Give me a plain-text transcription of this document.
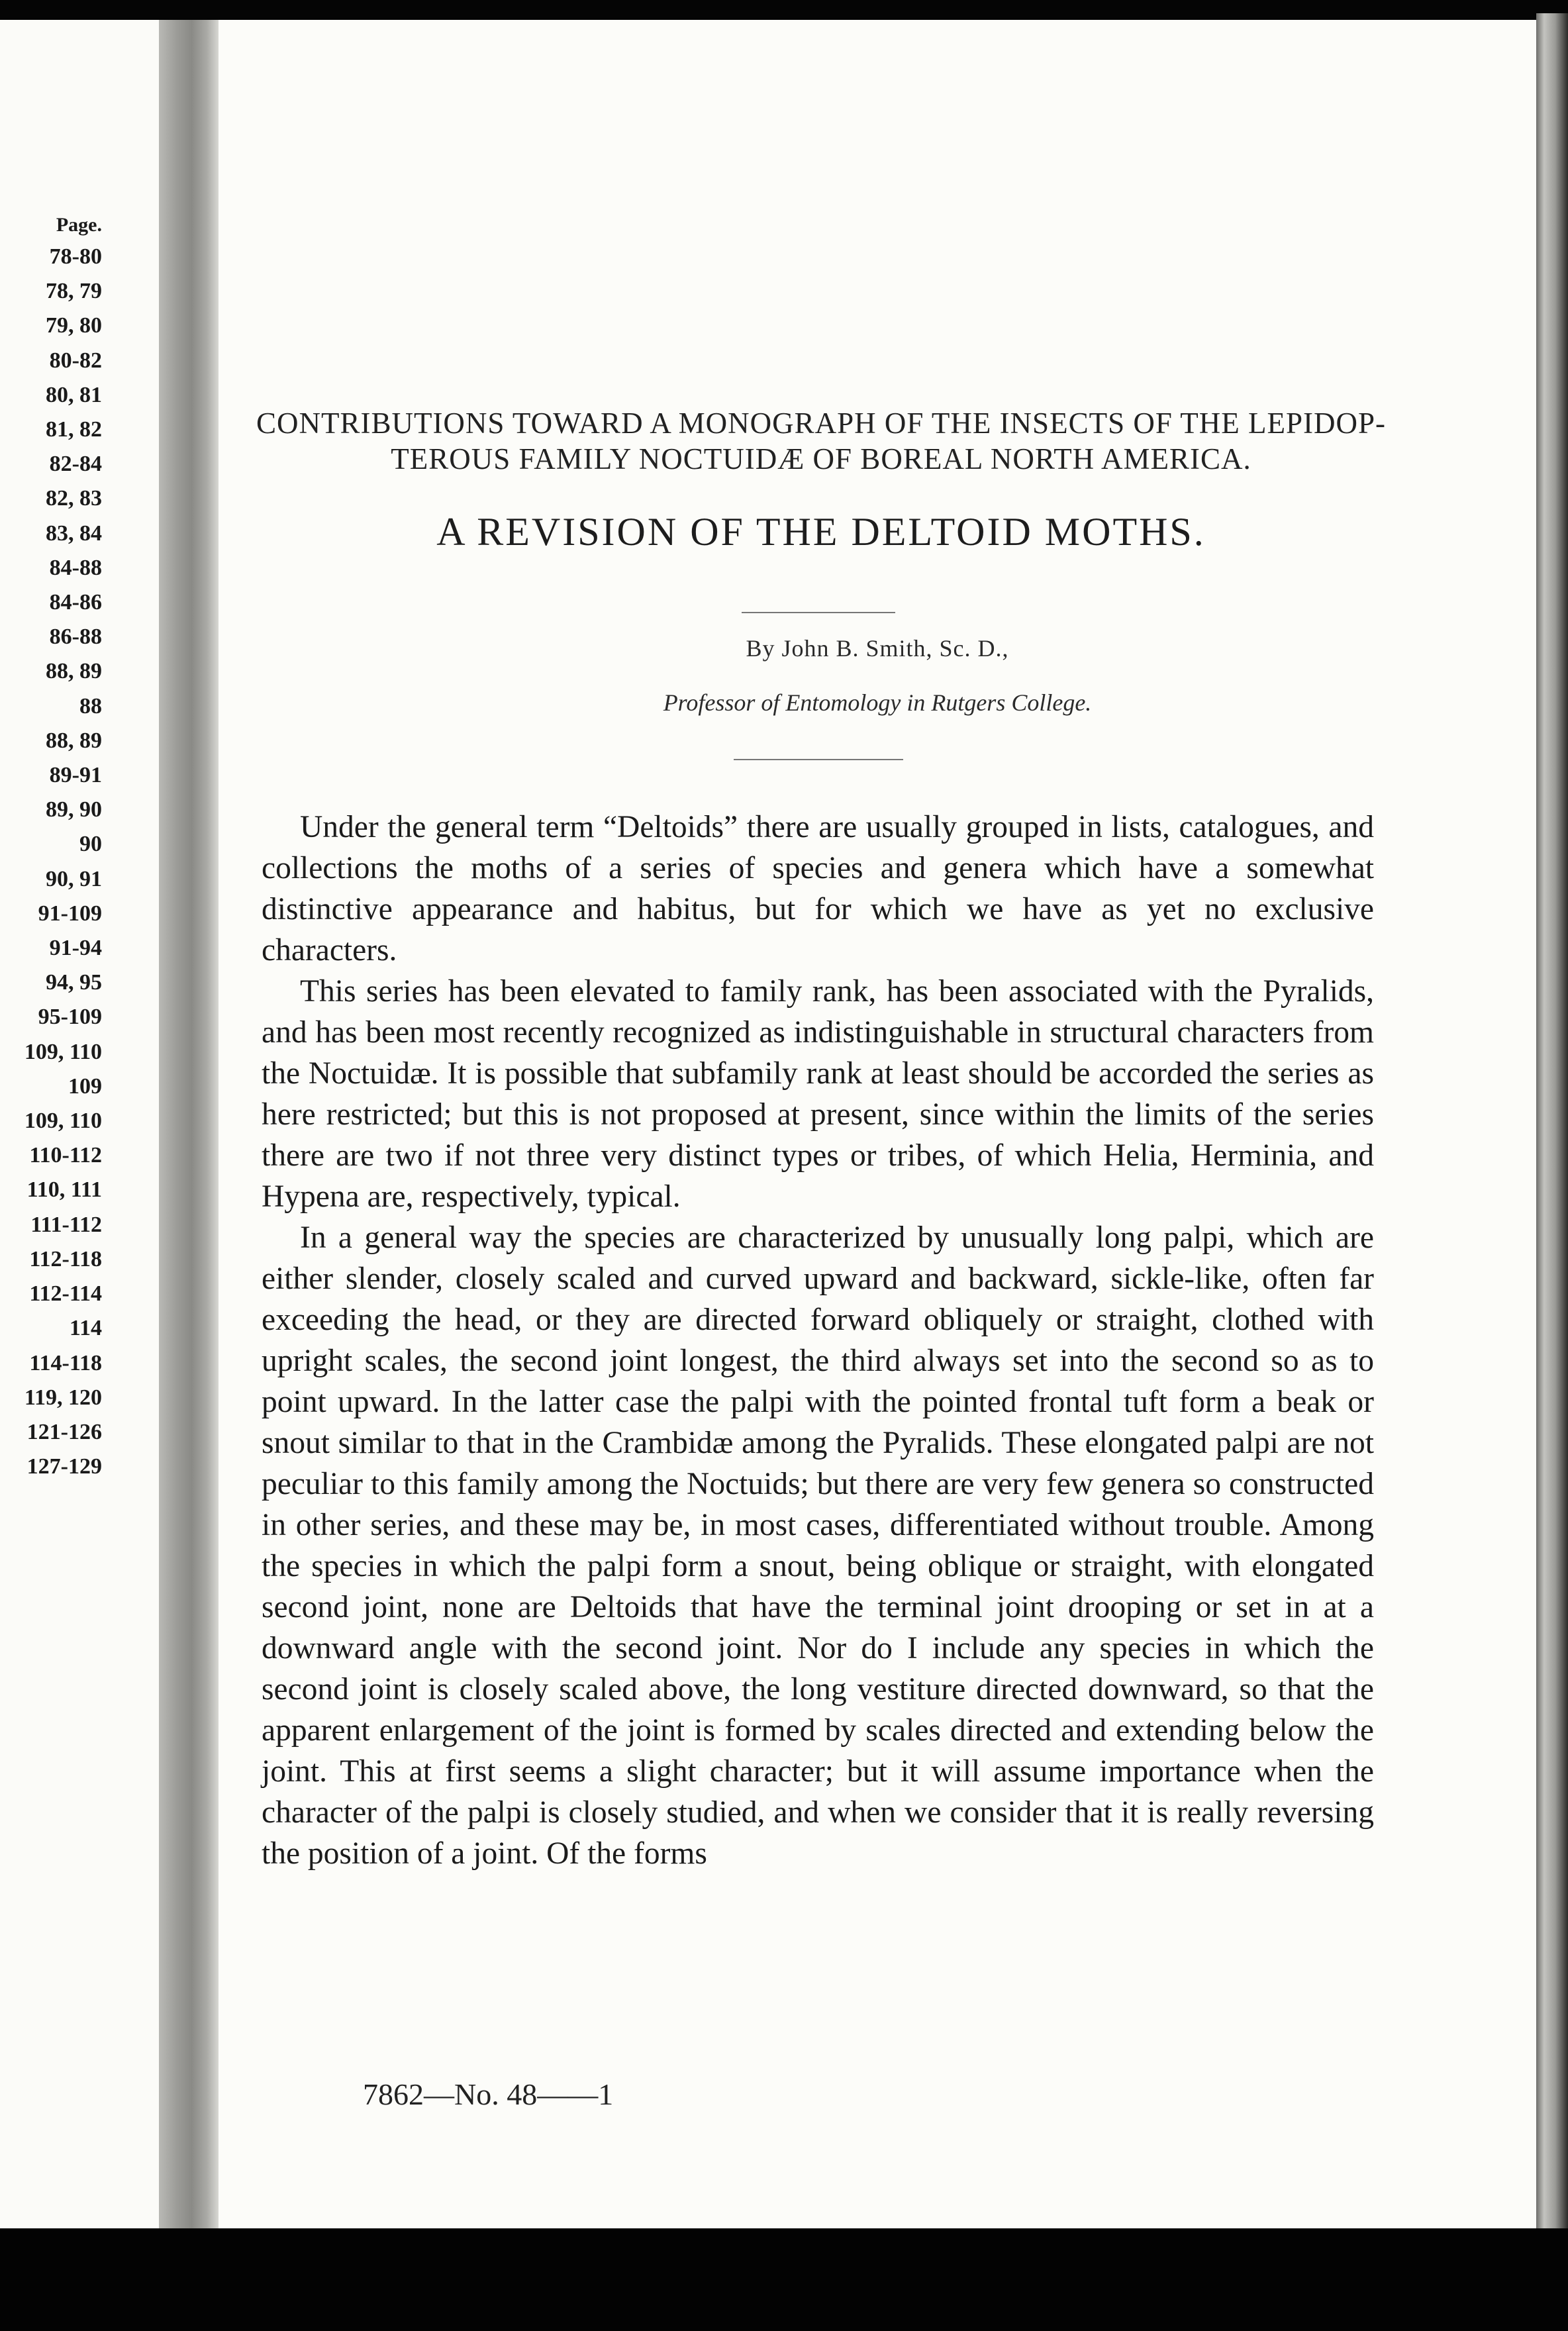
Page.
78-80
78, 79
79, 80
80-82
80, 81
81, 82
82-84
82, 83
83, 84
84-88
84-86
86-88
88, 89
88
88, 89
89-91
89, 90
90
90, 91
91-109
91-94
94, 95
95-109
109, 110
109
109, 110
110-112
110, 111
111-112
112-118
112-114
114
114-118
119, 120
121-126
127-129
CONTRIBUTIONS TOWARD A MONOGRAPH OF THE INSECTS OF THE LEPIDOP- TEROUS FAMILY NOCTUIDÆ OF BOREAL NORTH AMERICA.
A REVISION OF THE DELTOID MOTHS.

By John B. Smith, Sc. D.,

Professor of Entomology in Rutgers College.

Under the general term “Deltoids” there are usually grouped in lists, catalogues, and collections the moths of a series of species and genera which have a somewhat distinctive appearance and habitus, but for which we have as yet no exclusive characters.

This series has been elevated to family rank, has been associated with the Pyralids, and has been most recently recognized as indistinguishable in structural characters from the Noctuidæ. It is possible that subfamily rank at least should be accorded the series as here restricted; but this is not proposed at present, since within the limits of the series there are two if not three very distinct types or tribes, of which Helia, Herminia, and Hypena are, respectively, typical.

In a general way the species are characterized by unusually long palpi, which are either slender, closely scaled and curved upward and backward, sickle-like, often far exceeding the head, or they are directed forward obliquely or straight, clothed with upright scales, the second joint longest, the third always set into the second so as to point upward. In the latter case the palpi with the pointed frontal tuft form a beak or snout similar to that in the Crambidæ among the Pyralids. These elongated palpi are not peculiar to this family among the Noctuids; but there are very few genera so constructed in other series, and these may be, in most cases, differentiated without trouble. Among the species in which the palpi form a snout, being oblique or straight, with elongated second joint, none are Deltoids that have the terminal joint drooping or set in at a downward angle with the second joint. Nor do I include any species in which the second joint is closely scaled above, the long vestiture directed downward, so that the apparent enlargement of the joint is formed by scales directed and extending below the joint. This at first seems a slight character; but it will assume importance when the character of the palpi is closely studied, and when we consider that it is really reversing the position of a joint. Of the forms

7862—No. 48——1
